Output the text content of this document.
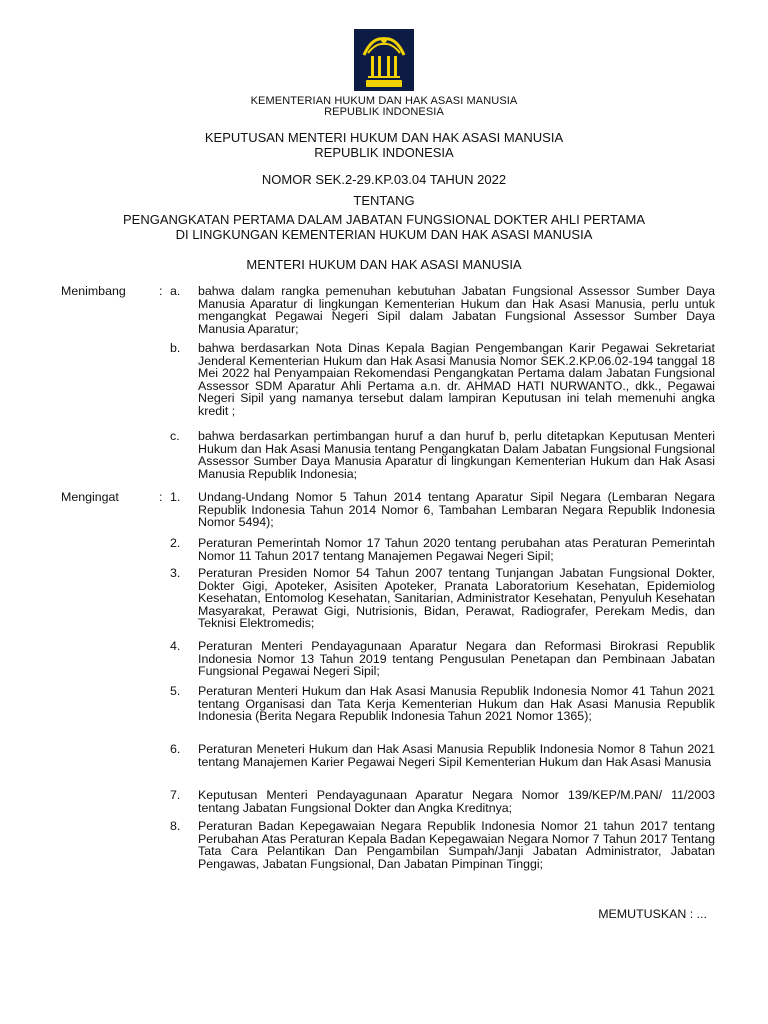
KEMENTERIAN HUKUM DAN HAK ASASI MANUSIA
REPUBLIK INDONESIA
KEPUTUSAN MENTERI HUKUM DAN HAK ASASI MANUSIA
REPUBLIK INDONESIA
NOMOR SEK.2-29.KP.03.04 TAHUN 2022
TENTANG
PENGANGKATAN PERTAMA DALAM JABATAN FUNGSIONAL DOKTER AHLI PERTAMA
DI LINGKUNGAN KEMENTERIAN HUKUM DAN HAK ASASI MANUSIA
MENTERI HUKUM DAN HAK ASASI MANUSIA
Menimbang	: a. bahwa dalam rangka pemenuhan kebutuhan Jabatan Fungsional Assessor Sumber Daya Manusia Aparatur di lingkungan Kementerian Hukum dan Hak Asasi Manusia, perlu untuk mengangkat Pegawai Negeri Sipil dalam Jabatan Fungsional Assessor Sumber Daya Manusia Aparatur;
b. bahwa berdasarkan Nota Dinas Kepala Bagian Pengembangan Karir Pegawai Sekretariat Jenderal Kementerian Hukum dan Hak Asasi Manusia Nomor SEK.2.KP.06.02-194 tanggal 18 Mei 2022 hal Penyampaian Rekomendasi Pengangkatan Pertama dalam Jabatan Fungsional Assessor SDM Aparatur Ahli Pertama a.n. dr. AHMAD HATI NURWANTO., dkk., Pegawai Negeri Sipil yang namanya tersebut dalam lampiran Keputusan ini telah memenuhi angka kredit ;
c. bahwa berdasarkan pertimbangan huruf a dan huruf b, perlu ditetapkan Keputusan Menteri Hukum dan Hak Asasi Manusia tentang Pengangkatan Dalam Jabatan Fungsional Fungsional Assessor Sumber Daya Manusia Aparatur di lingkungan Kementerian Hukum dan Hak Asasi Manusia Republik Indonesia;
Mengingat	: 1. Undang-Undang Nomor 5 Tahun 2014 tentang Aparatur Sipil Negara (Lembaran Negara Republik Indonesia Tahun 2014 Nomor 6, Tambahan Lembaran Negara Republik Indonesia Nomor 5494);
2. Peraturan Pemerintah Nomor 17 Tahun 2020 tentang perubahan atas Peraturan Pemerintah Nomor 11 Tahun 2017 tentang Manajemen Pegawai Negeri Sipil;
3. Peraturan Presiden Nomor 54 Tahun 2007 tentang Tunjangan Jabatan Fungsional Dokter, Dokter Gigi, Apoteker, Asisiten Apoteker, Pranata Laboratorium Kesehatan, Epidemiolog Kesehatan, Entomolog Kesehatan, Sanitarian, Administrator Kesehatan, Penyuluh Kesehatan Masyarakat, Perawat Gigi, Nutrisionis, Bidan, Perawat, Radiografer, Perekam Medis, dan Teknisi Elektromedis;
4. Peraturan Menteri Pendayagunaan Aparatur Negara dan Reformasi Birokrasi Republik Indonesia Nomor 13 Tahun 2019 tentang Pengusulan Penetapan dan Pembinaan Jabatan Fungsional Pegawai Negeri Sipil;
5. Peraturan Menteri Hukum dan Hak Asasi Manusia Republik Indonesia Nomor 41 Tahun 2021 tentang Organisasi dan Tata Kerja Kementerian Hukum dan Hak Asasi Manusia Republik Indonesia (Berita Negara Republik Indonesia Tahun 2021 Nomor 1365);
6. Peraturan Meneteri Hukum dan Hak Asasi Manusia Republik Indonesia Nomor 8 Tahun 2021 tentang Manajemen Karier Pegawai Negeri Sipil Kementerian Hukum dan Hak Asasi Manusia
7. Keputusan Menteri Pendayagunaan Aparatur Negara Nomor 139/KEP/M.PAN/ 11/2003 tentang Jabatan Fungsional Dokter dan Angka Kreditnya;
8. Peraturan Badan Kepegawaian Negara Republik Indonesia Nomor 21 tahun 2017 tentang Perubahan Atas Peraturan Kepala Badan Kepegawaian Negara Nomor 7 Tahun 2017 Tentang Tata Cara Pelantikan Dan Pengambilan Sumpah/Janji Jabatan Administrator, Jabatan Pengawas, Jabatan Fungsional, Dan Jabatan Pimpinan Tinggi;
MEMUTUSKAN : ...
